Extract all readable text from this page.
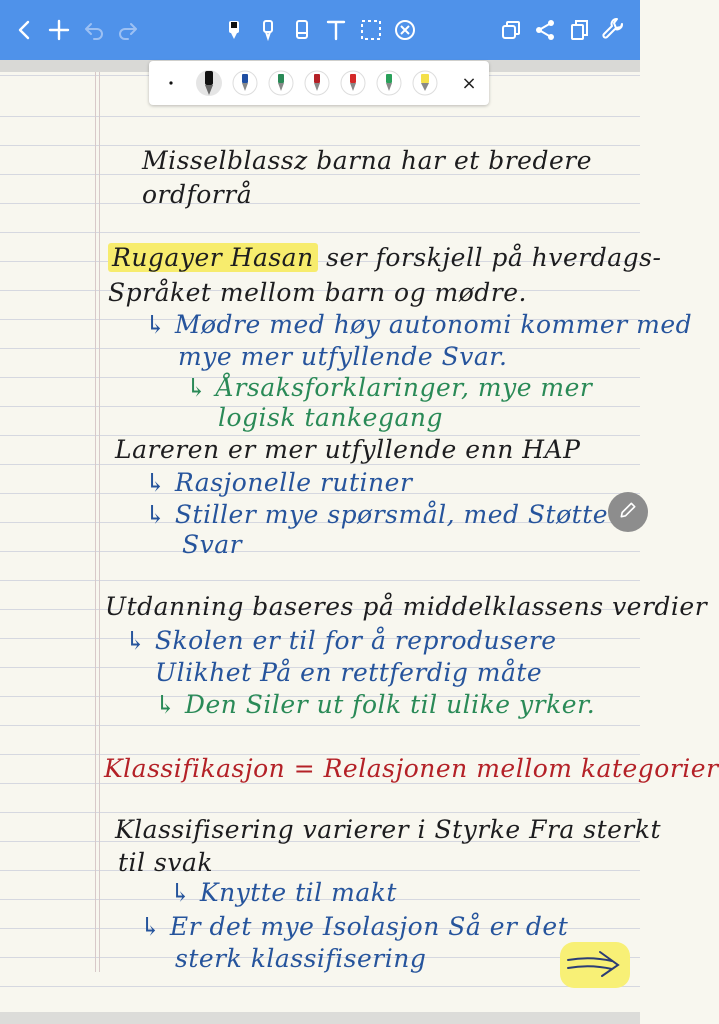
×
Misselblassz barna har et bredere
ordforrå
Rugayer Hasan ser forskjell på hverdags-
Språket mellom barn og mødre.
↳ Mødre med høy autonomi kommer med
mye mer utfyllende Svar.
↳ Årsaksforklaringer, mye mer
logisk tankegang
Lareren er mer utfyllende enn HAP
↳ Rasjonelle rutiner
↳ Stiller mye spørsmål, med Støtte
Svar
Utdanning baseres på middelklassens verdier
↳ Skolen er til for å reprodusere
Ulikhet På en rettferdig måte
↳ Den Siler ut folk til ulike yrker.
Klassifikasjon = Relasjonen mellom kategorier
Klassifisering varierer i Styrke Fra sterkt
til svak
↳ Knytte til makt
↳ Er det mye Isolasjon Så er det
sterk klassifisering
